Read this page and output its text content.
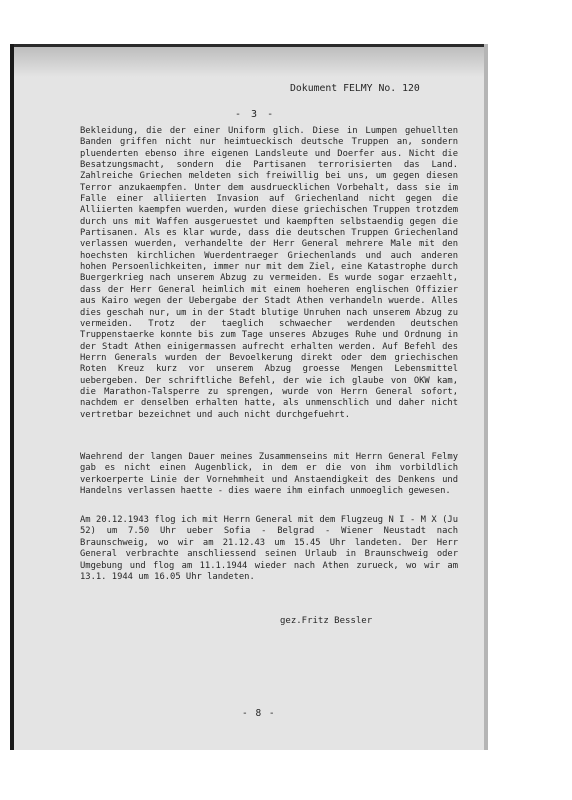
Dokument FELMY No. 120
- 3 -

Bekleidung, die der einer Uniform glich. Diese in Lumpen gehuellten Banden griffen nicht nur heimtueckisch deutsche Truppen an, sondern pluenderten ebenso ihre eigenen Landsleute und Doerfer aus. Nicht die Besatzungsmacht, sondern die Partisanen terrorisierten das Land. Zahlreiche Griechen meldeten sich freiwillig bei uns, um gegen diesen Terror anzukaempfen. Unter dem ausdruecklichen Vorbehalt, dass sie im Falle einer alliierten Invasion auf Griechenland nicht gegen die Alliierten kaempfen wuerden, wurden diese griechischen Truppen trotzdem durch uns mit Waffen ausgeruestet und kaempften selbstaendig gegen die Partisanen. Als es klar wurde, dass die deutschen Truppen Griechenland verlassen wuerden, verhandelte der Herr General mehrere Male mit den hoechsten kirchlichen Wuerdentraeger Griechenlands und auch anderen hohen Persoenlichkeiten, immer nur mit dem Ziel, eine Katastrophe durch Buergerkrieg nach unserem Abzug zu vermeiden. Es wurde sogar erzaehlt, dass der Herr General heimlich mit einem hoeheren englischen Offizier aus Kairo wegen der Uebergabe der Stadt Athen verhandeln wuerde. Alles dies geschah nur, um in der Stadt blutige Unruhen nach unserem Abzug zu vermeiden. Trotz der taeglich schwaecher werdenden deutschen Truppenstaerke konnte bis zum Tage unseres Abzuges Ruhe und Ordnung in der Stadt Athen einigermassen aufrecht erhalten werden. Auf Befehl des Herrn Generals wurden der Bevoelkerung direkt oder dem griechischen Roten Kreuz kurz vor unserem Abzug groesse Mengen Lebensmittel uebergeben. Der schriftliche Befehl, der wie ich glaube von OKW kam, die Marathon-Talsperre zu sprengen, wurde von Herrn General sofort, nachdem er denselben erhalten hatte, als unmenschlich und daher nicht vertretbar bezeichnet und auch nicht durchgefuehrt.

Waehrend der langen Dauer meines Zusammenseins mit Herrn General Felmy gab es nicht einen Augenblick, in dem er die von ihm vorbildlich verkoerperte Linie der Vornehmheit und Anstaendigkeit des Denkens und Handelns verlassen haette - dies waere ihm einfach unmoeglich gewesen.

Am 20.12.1943 flog ich mit Herrn General mit dem Flugzeug N I - M X (Ju 52) um 7.50 Uhr ueber Sofia - Belgrad - Wiener Neustadt nach Braunschweig, wo wir am 21.12.43 um 15.45 Uhr landeten. Der Herr General verbrachte anschliessend seinen Urlaub in Braunschweig oder Umgebung und flog am 11.1.1944 wieder nach Athen zurueck, wo wir am 13.1. 1944 um 16.05 Uhr landeten.

gez.Fritz Bessler
- 8 -
